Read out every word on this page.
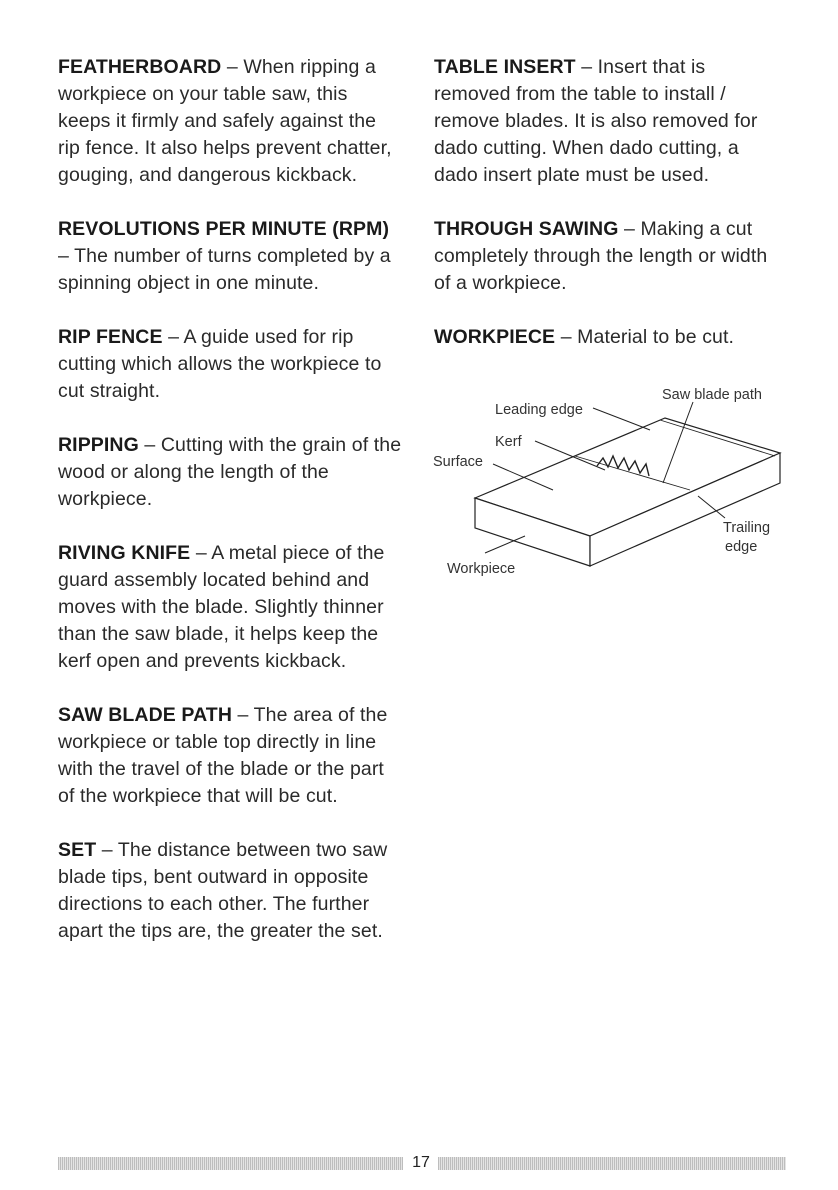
FEATHERBOARD – When ripping a workpiece on your table saw, this keeps it firmly and safely against the rip fence. It also helps prevent chatter, gouging, and dangerous kickback.

REVOLUTIONS PER MINUTE (RPM) – The number of turns completed by a spinning object in one minute.

RIP FENCE – A guide used for rip cutting which allows the workpiece to cut straight.

RIPPING – Cutting with the grain of the wood or along the length of the workpiece.

RIVING KNIFE – A metal piece of the guard assembly located behind and moves with the blade. Slightly thinner than the saw blade, it helps keep the kerf open and prevents kickback.

SAW BLADE PATH – The area of the workpiece or table top directly in line with the travel of the blade or the part of the workpiece that will be cut.

SET – The distance between two saw blade tips, bent outward in opposite directions to each other. The further apart the tips are, the greater the set.

TABLE INSERT – Insert that is removed from the table to install / remove blades. It is also removed for dado cutting. When dado cutting, a dado insert plate must be used.

THROUGH SAWING – Making a cut completely through the length or width of a workpiece.

WORKPIECE – Material to be cut.

Saw blade path
Leading edge
Kerf
Surface
Trailing
edge
Workpiece
17
